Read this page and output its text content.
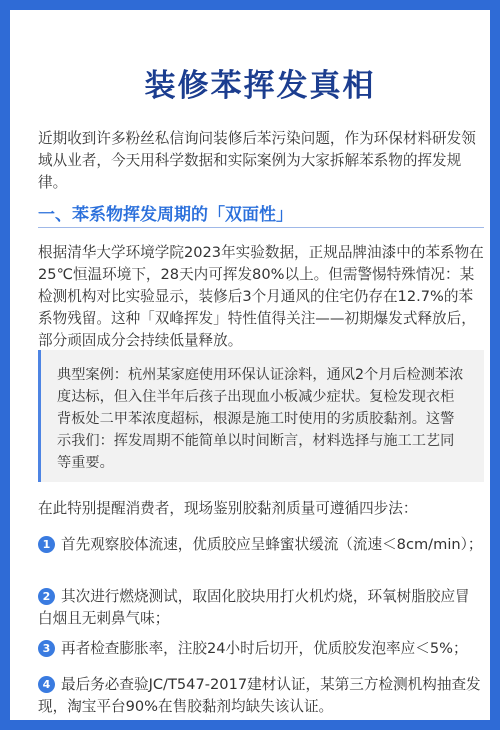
装修苯挥发真相
近期收到许多粉丝私信询问装修后苯污染问题，作为环保材料研发领域从业者，今天用科学数据和实际案例为大家拆解苯系物的挥发规律。
一、苯系物挥发周期的「双面性」
根据清华大学环境学院2023年实验数据，正规品牌油漆中的苯系物在25℃恒温环境下，28天内可挥发80%以上。但需警惕特殊情况：某检测机构对比实验显示，装修后3个月通风的住宅仍存在12.7%的苯系物残留。这种「双峰挥发」特性值得关注——初期爆发式释放后，部分顽固成分会持续低量释放。
典型案例：杭州某家庭使用环保认证涂料，通风2个月后检测苯浓度达标，但入住半年后孩子出现血小板减少症状。复检发现衣柜背板处二甲苯浓度超标，根源是施工时使用的劣质胶黏剂。这警示我们：挥发周期不能简单以时间断言，材料选择与施工工艺同等重要。
在此特别提醒消费者，现场鉴别胶黏剂质量可遵循四步法：
1 首先观察胶体流速，优质胶应呈蜂蜜状缓流（流速＜8cm/min）；
2 其次进行燃烧测试，取固化胶块用打火机灼烧，环氧树脂胶应冒白烟且无刺鼻气味；
3 再者检查膨胀率，注胶24小时后切开，优质胶发泡率应＜5%；
4 最后务必查验JC/T547-2017建材认证，某第三方检测机构抽查发现，淘宝平台90%在售胶黏剂均缺失该认证。
